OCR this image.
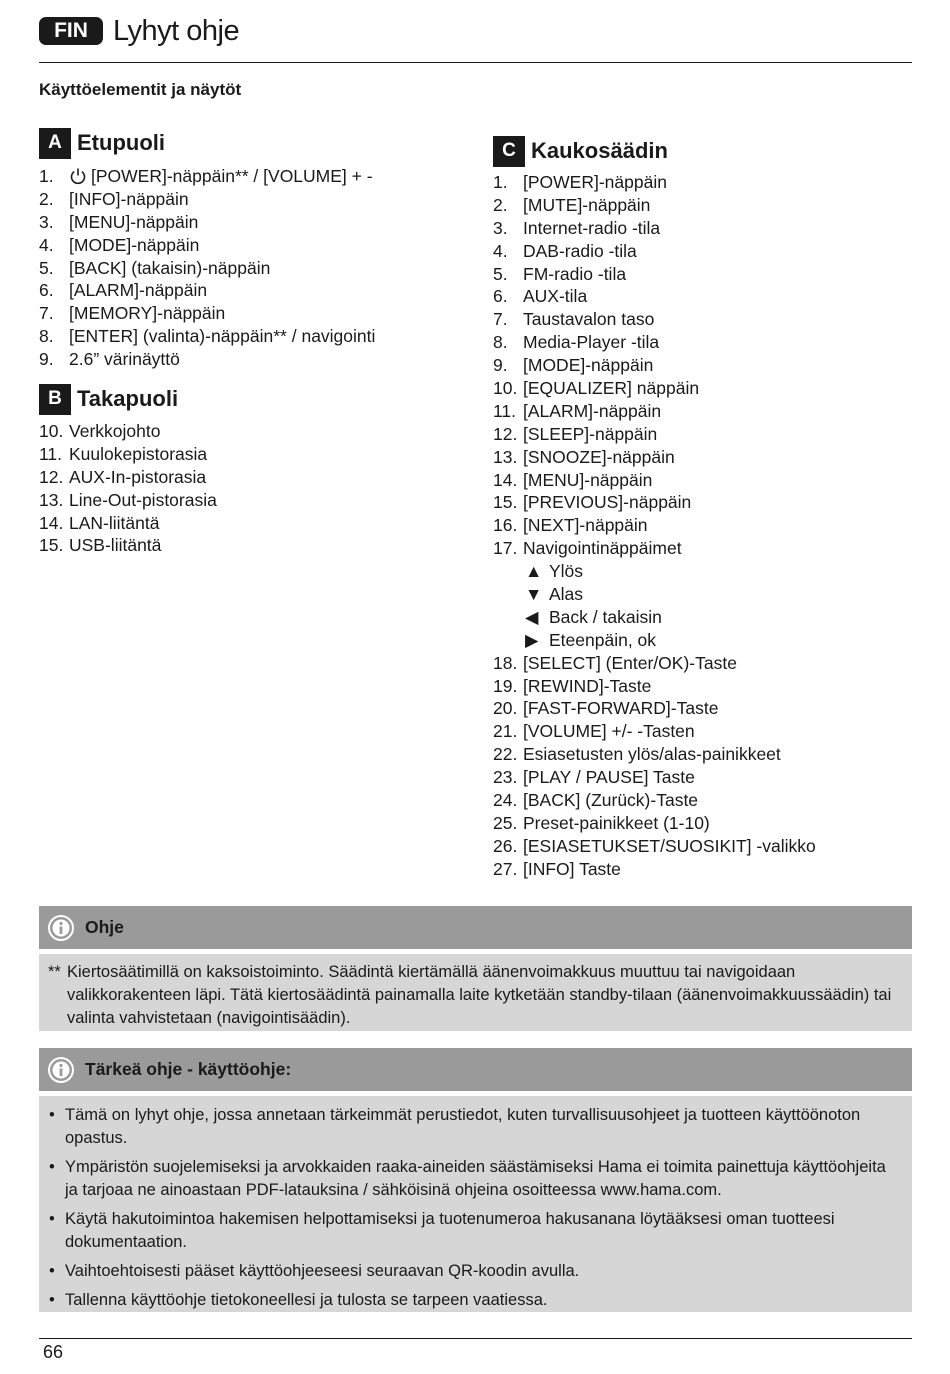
FIN Lyhyt ohje
Käyttöelementit ja näytöt
A Etupuoli
1.	[POWER]-näppäin** / [VOLUME] + -
2. [INFO]-näppäin
3. [MENU]-näppäin
4. [MODE]-näppäin
5. [BACK] (takaisin)-näppäin
6. [ALARM]-näppäin
7. [MEMORY]-näppäin
8. [ENTER] (valinta)-näppäin** / navigointi
9. 2.6” värinäyttö
B Takapuoli
10. Verkkojohto
11. Kuulokepistorasia
12. AUX-In-pistorasia
13. Line-Out-pistorasia
14. LAN-liitäntä
15. USB-liitäntä
C Kaukosäädin
1. [POWER]-näppäin
2. [MUTE]-näppäin
3. Internet-radio -tila
4. DAB-radio -tila
5. FM-radio -tila
6. AUX-tila
7. Taustavalon taso
8. Media-Player -tila
9. [MODE]-näppäin
10. [EQUALIZER] näppäin
11. [ALARM]-näppäin
12. [SLEEP]-näppäin
13. [SNOOZE]-näppäin
14. [MENU]-näppäin
15. [PREVIOUS]-näppäin
16. [NEXT]-näppäin
17. Navigointinäppäimet
▲ Ylös
▼ Alas
◀ Back / takaisin
▶ Eteenpäin, ok
18. [SELECT] (Enter/OK)-Taste
19. [REWIND]-Taste
20. [FAST-FORWARD]-Taste
21. [VOLUME] +/- -Tasten
22. Esiasetusten ylös/alas-painikkeet
23. [PLAY / PAUSE] Taste
24. [BACK] (Zurück)-Taste
25. Preset-painikkeet (1-10)
26. [ESIASETUKSET/SUOSIKIT] -valikko
27. [INFO] Taste
Ohje
** Kiertosäätimillä on kaksoistoiminto. Säädintä kiertämällä äänenvoimakkuus muuttuu tai navigoidaan valikkorakenteen läpi. Tätä kiertosäädintä painamalla laite kytketään standby-tilaan (äänenvoimakkuussäädin) tai valinta vahvistetaan (navigointisäädin).
Tärkeä ohje - käyttöohje:
• Tämä on lyhyt ohje, jossa annetaan tärkeimmät perustiedot, kuten turvallisuusohjeet ja tuotteen käyttöönoton opastus.
• Ympäristön suojelemiseksi ja arvokkaiden raaka-aineiden säästämiseksi Hama ei toimita painettuja käyttöohjeita ja tarjoaa ne ainoastaan PDF-latauksina / sähköisinä ohjeina osoitteessa www.hama.com.
• Käytä hakutoimintoa hakemisen helpottamiseksi ja tuotenumeroa hakusanana löytääksesi oman tuotteesi dokumentaation.
• Vaihtoehtoisesti pääset käyttöohjeeseesi seuraavan QR-koodin avulla.
• Tallenna käyttöohje tietokoneellesi ja tulosta se tarpeen vaatiessa.
66
